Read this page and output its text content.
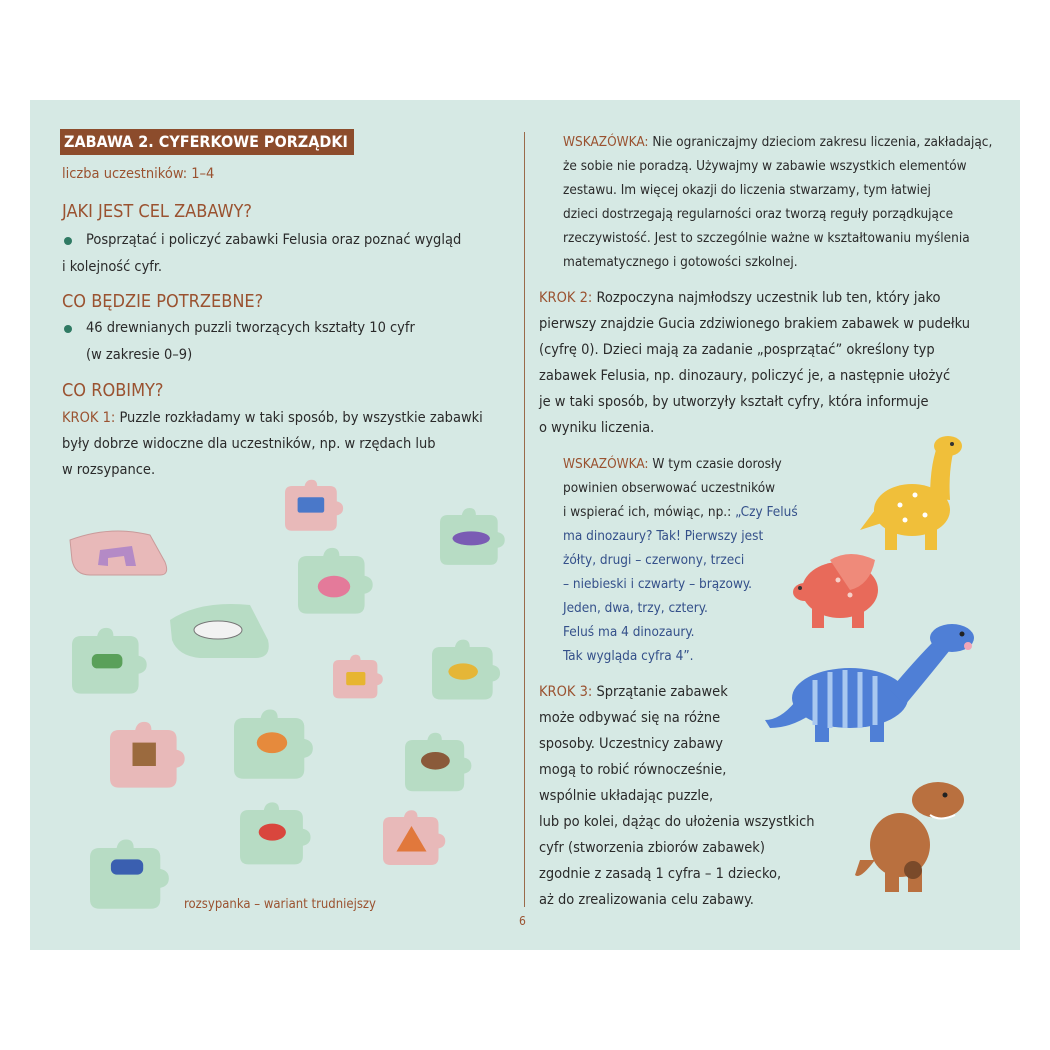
ZABAWA 2. CYFERKOWE PORZĄDKI
liczba uczestników: 1–4
JAKI JEST CEL ZABAWY?
Posprzątać i policzyć zabawki Felusia oraz poznać wygląd
i kolejność cyfr.
CO BĘDZIE POTRZEBNE?
46 drewnianych puzzli tworzących kształty 10 cyfr
(w zakresie 0–9)
CO ROBIMY?
KROK 1: Puzzle rozkładamy w taki sposób, by wszystkie zabawki
były dobrze widoczne dla uczestników, np. w rzędach lub
w rozsypance.
rozsypanka – wariant trudniejszy
WSKAZÓWKA: Nie ograniczajmy dzieciom zakresu liczenia, zakładając,
że sobie nie poradzą. Używajmy w zabawie wszystkich elementów
zestawu. Im więcej okazji do liczenia stwarzamy, tym łatwiej
dzieci dostrzegają regularności oraz tworzą reguły porządkujące
rzeczywistość. Jest to szczególnie ważne w kształtowaniu myślenia
matematycznego i gotowości szkolnej.
KROK 2: Rozpoczyna najmłodszy uczestnik lub ten, który jako
pierwszy znajdzie Gucia zdziwionego brakiem zabawek w pudełku
(cyfrę 0). Dzieci mają za zadanie „posprzątać” określony typ
zabawek Felusia, np. dinozaury, policzyć je, a następnie ułożyć
je w taki sposób, by utworzyły kształt cyfry, która informuje
o wyniku liczenia.
WSKAZÓWKA: W tym czasie dorosły
powinien obserwować uczestników
i wspierać ich, mówiąc, np.: „Czy Feluś
ma dinozaury? Tak! Pierwszy jest
żółty, drugi – czerwony, trzeci
– niebieski i czwarty – brązowy.
Jeden, dwa, trzy, cztery.
Feluś ma 4 dinozaury.
Tak wygląda cyfra 4”.
KROK 3: Sprzątanie zabawek
może odbywać się na różne
sposoby. Uczestnicy zabawy
mogą to robić równocześnie,
wspólnie układając puzzle,
lub po kolei, dążąc do ułożenia wszystkich
cyfr (stworzenia zbiorów zabawek)
zgodnie z zasadą 1 cyfra – 1 dziecko,
aż do zrealizowania celu zabawy.
6
